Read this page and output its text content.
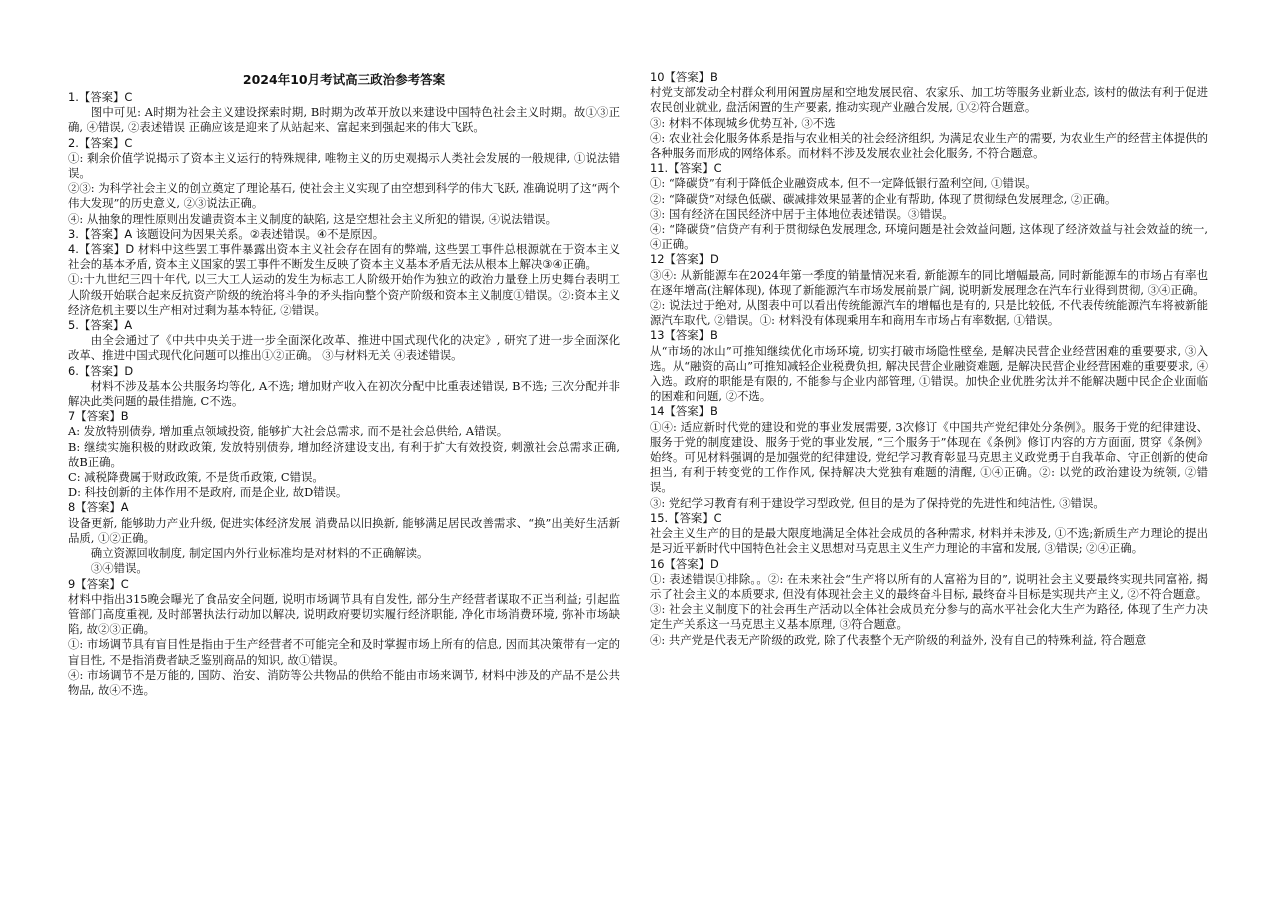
2024年10月考试高三政治参考答案
1.【答案】C
图中可见: A时期为社会主义建设探索时期, B时期为改革开放以来建设中国特色社会主义时期。故①③正确, ④错误, ②表述错误 正确应该是迎来了从站起来、富起来到强起来的伟大飞跃。
2.【答案】C
①: 剩余价值学说揭示了资本主义运行的特殊规律, 唯物主义的历史观揭示人类社会发展的一般规律, ①说法错误。
②③: 为科学社会主义的创立奠定了理论基石, 使社会主义实现了由空想到科学的伟大飞跃, 准确说明了这“两个伟大发现”的历史意义, ②③说法正确。
④: 从抽象的理性原则出发谴责资本主义制度的缺陷, 这是空想社会主义所犯的错误, ④说法错误。
3.【答案】A 该题设问为因果关系。②表述错误。④不是原因。
4.【答案】D 材料中这些罢工事件暴露出资本主义社会存在固有的弊端, 这些罢工事件总根源就在于资本主义社会的基本矛盾, 资本主义国家的罢工事件不断发生反映了资本主义基本矛盾无法从根本上解决③④正确。
①:十九世纪三四十年代, 以三大工人运动的发生为标志工人阶级开始作为独立的政治力量登上历史舞台表明工人阶级开始联合起来反抗资产阶级的统治将斗争的矛头指向整个资产阶级和资本主义制度①错误。②:资本主义经济危机主要以生产相对过剩为基本特征, ②错误。
5.【答案】A
由全会通过了《中共中央关于进一步全面深化改革、推进中国式现代化的决定》, 研究了进一步全面深化改革、推进中国式现代化问题可以推出①②正确。 ③与材料无关 ④表述错误。
6.【答案】D
材料不涉及基本公共服务均等化, A不选; 增加财产收入在初次分配中比重表述错误, B不选; 三次分配并非解决此类问题的最佳措施, C不选。
7【答案】B
A: 发放特别债券, 增加重点领域投资, 能够扩大社会总需求, 而不是社会总供给, A错误。
B: 继续实施积极的财政政策, 发放特别债券, 增加经济建设支出, 有利于扩大有效投资, 刺激社会总需求正确, 故B正确。
C: 减税降费属于财政政策, 不是货币政策, C错误。
D: 科技创新的主体作用不是政府, 而是企业, 故D错误。
8【答案】A
设备更新, 能够助力产业升级, 促进实体经济发展 消费品以旧换新, 能够满足居民改善需求、“换”出美好生活新品质, ①②正确。
确立资源回收制度, 制定国内外行业标准均是对材料的不正确解读。
③④错误。
9【答案】C
材料中指出315晚会曝光了食品安全问题, 说明市场调节具有自发性, 部分生产经营者谋取不正当利益; 引起监管部门高度重视, 及时部署执法行动加以解决, 说明政府要切实履行经济职能, 净化市场消费环境, 弥补市场缺陷, 故②③正确。
①: 市场调节具有盲目性是指由于生产经营者不可能完全和及时掌握市场上所有的信息, 因而其决策带有一定的盲目性, 不是指消费者缺乏鉴别商品的知识, 故①错误。
④: 市场调节不是万能的, 国防、治安、消防等公共物品的供给不能由市场来调节, 材料中涉及的产品不是公共物品, 故④不选。
10【答案】B
村党支部发动全村群众利用闲置房屋和空地发展民宿、农家乐、加工坊等服务业新业态, 该村的做法有利于促进农民创业就业, 盘活闲置的生产要素, 推动实现产业融合发展, ①②符合题意。
③: 材料不体现城乡优势互补, ③不选
④: 农业社会化服务体系是指与农业相关的社会经济组织, 为满足农业生产的需要, 为农业生产的经营主体提供的各种服务而形成的网络体系。而材料不涉及发展农业社会化服务, 不符合题意。
11.【答案】C
①: “降碳贷”有利于降低企业融资成本, 但不一定降低银行盈利空间, ①错误。
②: “降碳贷”对绿色低碳、碳减排效果显著的企业有帮助, 体现了贯彻绿色发展理念, ②正确。
③: 国有经济在国民经济中居于主体地位表述错误。③错误。
④: “降碳贷”信贷产有利于贯彻绿色发展理念, 环境问题是社会效益问题, 这体现了经济效益与社会效益的统一, ④正确。
12【答案】D
③④: 从新能源车在2024年第一季度的销量情况来看, 新能源车的同比增幅最高, 同时新能源车的市场占有率也在逐年增高(注解体现), 体现了新能源汽车市场发展前景广阔, 说明新发展理念在汽车行业得到贯彻, ③④正确。
②: 说法过于绝对, 从图表中可以看出传统能源汽车的增幅也是有的, 只是比较低, 不代表传统能源汽车将被新能源汽车取代, ②错误。①: 材料没有体现乘用车和商用车市场占有率数据, ①错误。
13【答案】B
从“市场的冰山”可推知继续优化市场环境, 切实打破市场隐性壁垒, 是解决民营企业经营困难的重要要求, ③入选。从“融资的高山”可推知减轻企业税费负担, 解决民营企业融资难题, 是解决民营企业经营困难的重要要求, ④入选。政府的职能是有限的, 不能参与企业内部管理, ①错误。加快企业优胜劣汰并不能解决题中民企企业面临的困难和问题, ②不选。
14【答案】B
①④: 适应新时代党的建设和党的事业发展需要, 3次修订《中国共产党纪律处分条例》。服务于党的纪律建设、服务于党的制度建设、服务于党的事业发展, “三个服务于”体现在《条例》修订内容的方方面面, 贯穿《条例》始终。可见材料强调的是加强党的纪律建设, 党纪学习教育彰显马克思主义政党勇于自我革命、守正创新的使命担当, 有利于转变党的工作作风, 保持解决大党独有难题的清醒, ①④正确。②: 以党的政治建设为统领, ②错误。
③: 党纪学习教育有利于建设学习型政党, 但目的是为了保持党的先进性和纯洁性, ③错误。
15.【答案】C
社会主义生产的目的是最大限度地满足全体社会成员的各种需求, 材料并未涉及, ①不选;新质生产力理论的提出是习近平新时代中国特色社会主义思想对马克思主义生产力理论的丰富和发展, ③错误; ②④正确。
16【答案】D
①: 表述错误①排除。。②: 在未来社会“生产将以所有的人富裕为目的”, 说明社会主义要最终实现共同富裕, 揭示了社会主义的本质要求, 但没有体现社会主义的最终奋斗目标, 最终奋斗目标是实现共产主义, ②不符合题意。
③: 社会主义制度下的社会再生产活动以全体社会成员充分参与的高水平社会化大生产为路径, 体现了生产力决定生产关系这一马克思主义基本原理, ③符合题意。
④: 共产党是代表无产阶级的政党, 除了代表整个无产阶级的利益外, 没有自己的特殊利益, 符合题意
